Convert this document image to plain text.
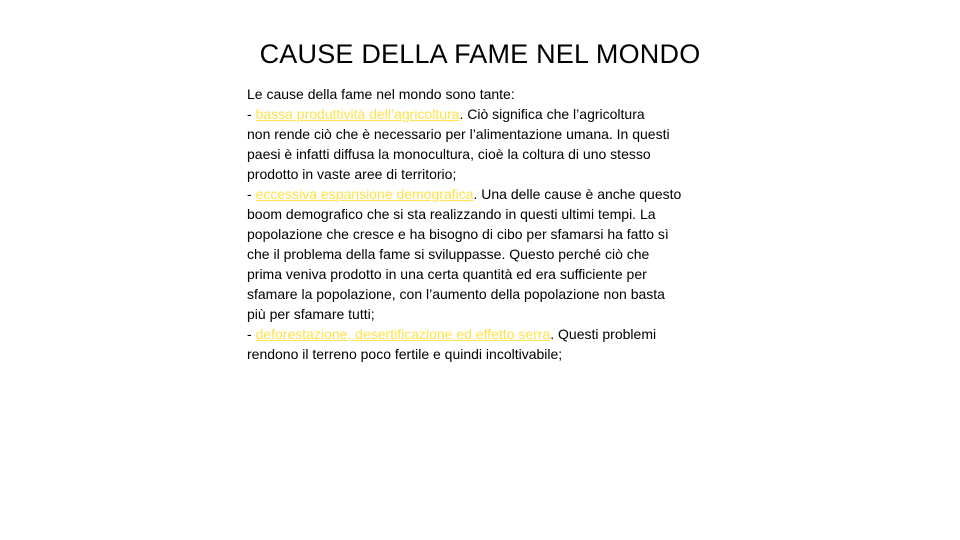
CAUSE DELLA FAME NEL MONDO
Le cause della fame nel mondo sono tante:
- bassa produttività dell’agricoltura. Ciò significa che l’agricoltura
non rende ciò che è necessario per l’alimentazione umana. In questi
paesi è infatti diffusa la monocultura, cioè la coltura di uno stesso
prodotto in vaste aree di territorio;
- eccessiva espansione demografica. Una delle cause è anche questo
boom demografico che si sta realizzando in questi ultimi tempi. La
popolazione che cresce e ha bisogno di cibo per sfamarsi ha fatto sì
che il problema della fame si sviluppasse. Questo perché ciò che
prima veniva prodotto in una certa quantità ed era sufficiente per
sfamare la popolazione, con l’aumento della popolazione non basta
più per sfamare tutti;
- deforestazione, desertificazione ed effetto serra. Questi problemi
rendono il terreno poco fertile e quindi incoltivabile;
